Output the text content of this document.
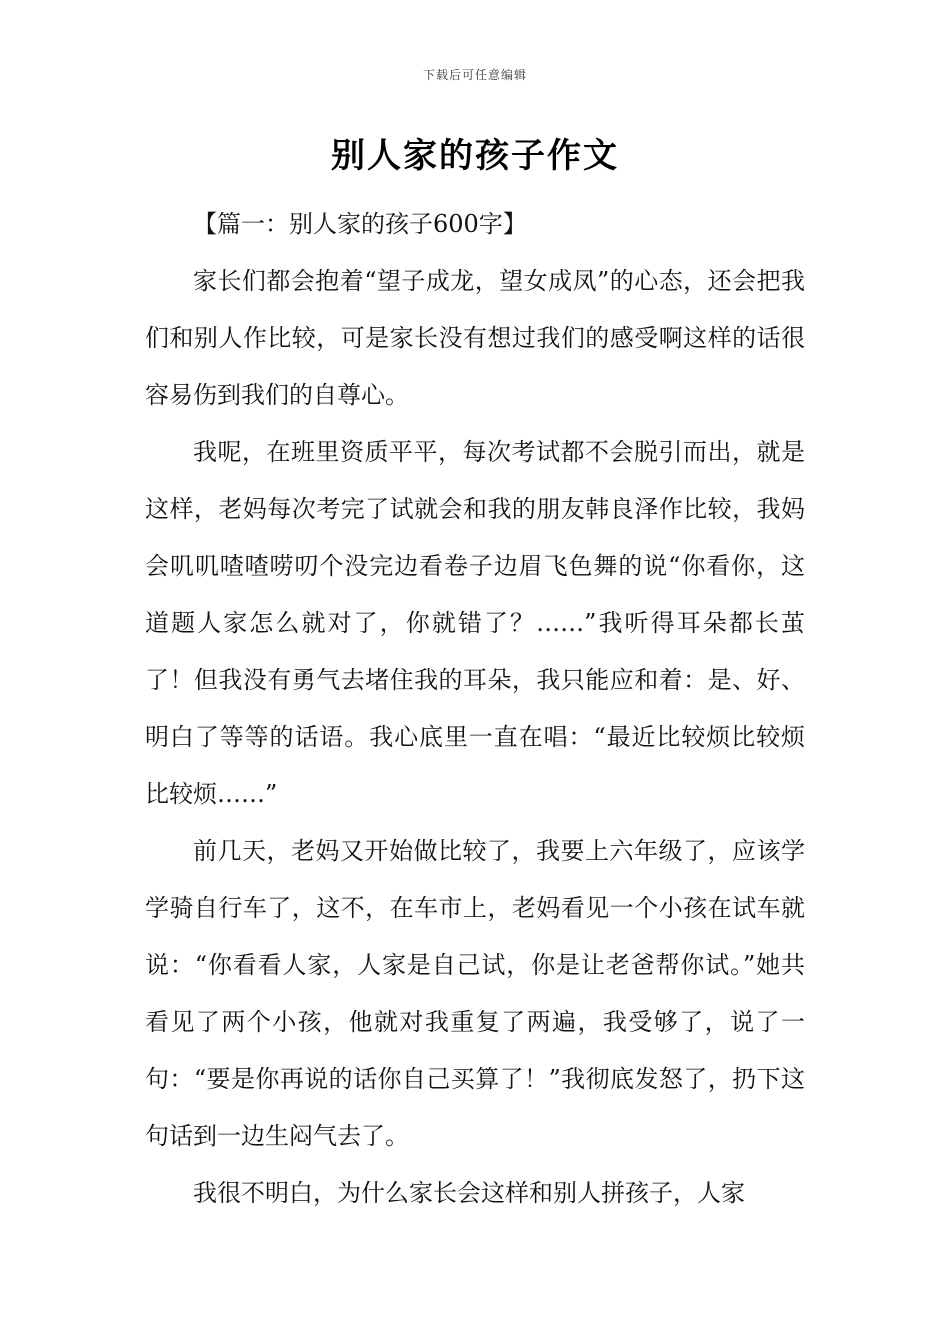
下载后可任意编辑
别人家的孩子作文

【篇一：别人家的孩子600字】

家长们都会抱着“望子成龙，望女成凤”的心态，还会把我们和别人作比较，可是家长没有想过我们的感受啊这样的话很容易伤到我们的自尊心。

我呢，在班里资质平平，每次考试都不会脱引而出，就是这样，老妈每次考完了试就会和我的朋友韩良泽作比较，我妈会叽叽喳喳唠叨个没完边看卷子边眉飞色舞的说“你看你，这道题人家怎么就对了，你就错了？……”我听得耳朵都长茧了！但我没有勇气去堵住我的耳朵，我只能应和着：是、好、明白了等等的话语。我心底里一直在唱：“最近比较烦比较烦比较烦……”

前几天，老妈又开始做比较了，我要上六年级了，应该学学骑自行车了，这不，在车市上，老妈看见一个小孩在试车就说：“你看看人家，人家是自己试，你是让老爸帮你试。”她共看见了两个小孩，他就对我重复了两遍，我受够了，说了一句：“要是你再说的话你自己买算了！”我彻底发怒了，扔下这句话到一边生闷气去了。

我很不明白，为什么家长会这样和别人拼孩子，人家
